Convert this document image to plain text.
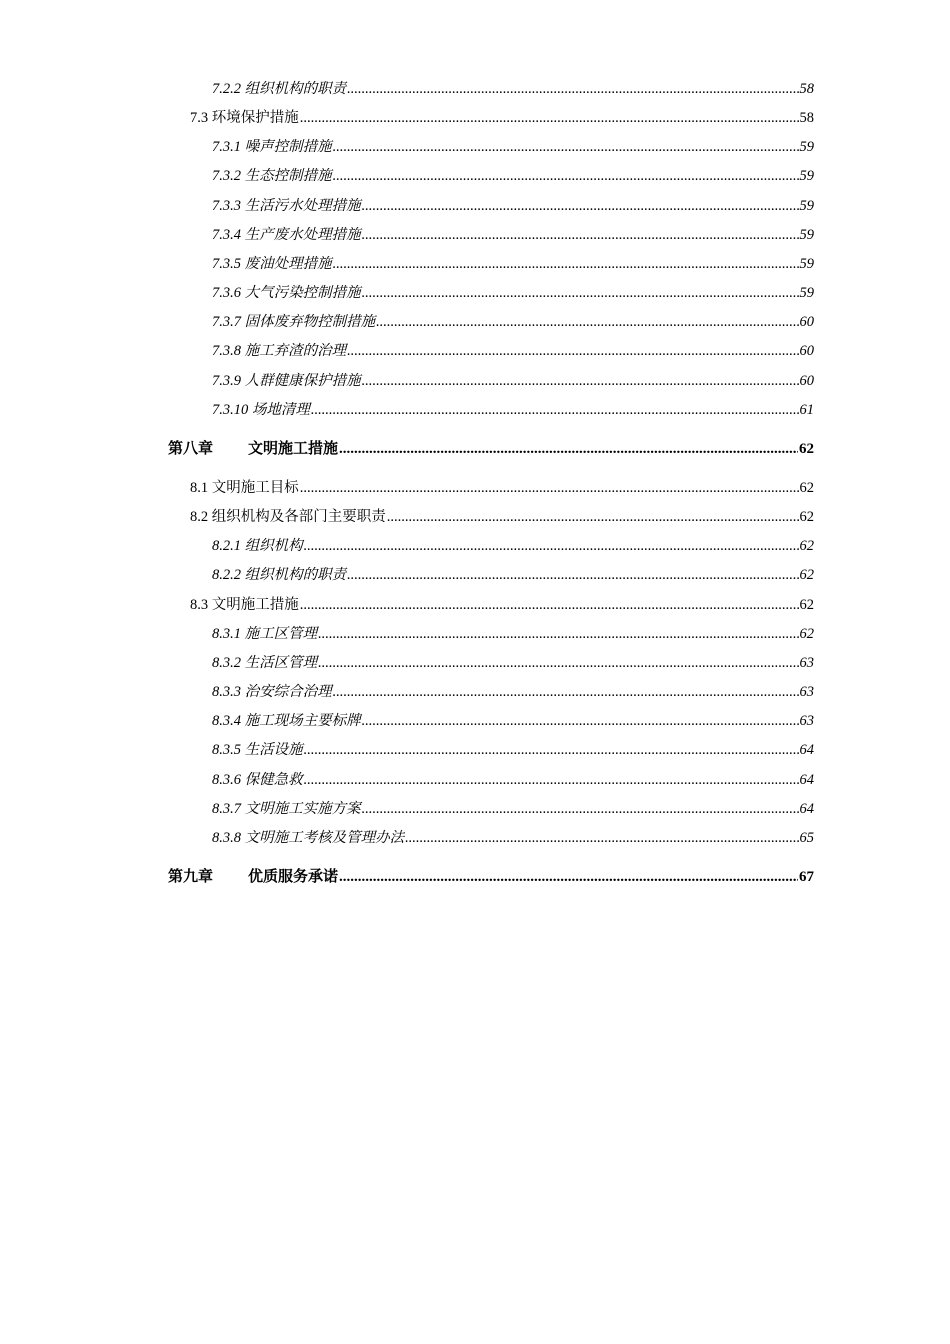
7.2.2 组织机构的职责 .....	58
7.3 环境保护措施 .....	58
7.3.1 噪声控制措施 .....	59
7.3.2 生态控制措施 .....	59
7.3.3 生活污水处理措施 .....	59
7.3.4 生产废水处理措施 .....	59
7.3.5 废油处理措施 .....	59
7.3.6 大气污染控制措施 .....	59
7.3.7 固体废弃物控制措施 .....	60
7.3.8 施工弃渣的治理 .....	60
7.3.9 人群健康保护措施 .....	60
7.3.10 场地清理 .....	61
第八章 文明施工措施 .....	62
8.1 文明施工目标 .....	62
8.2 组织机构及各部门主要职责 .....	62
8.2.1 组织机构 .....	62
8.2.2 组织机构的职责 .....	62
8.3 文明施工措施 .....	62
8.3.1 施工区管理 .....	62
8.3.2 生活区管理 .....	63
8.3.3 治安综合治理 .....	63
8.3.4 施工现场主要标牌 .....	63
8.3.5 生活设施 .....	64
8.3.6 保健急救 .....	64
8.3.7 文明施工实施方案 .....	64
8.3.8 文明施工考核及管理办法 .....	65
第九章 优质服务承诺 .....	67
